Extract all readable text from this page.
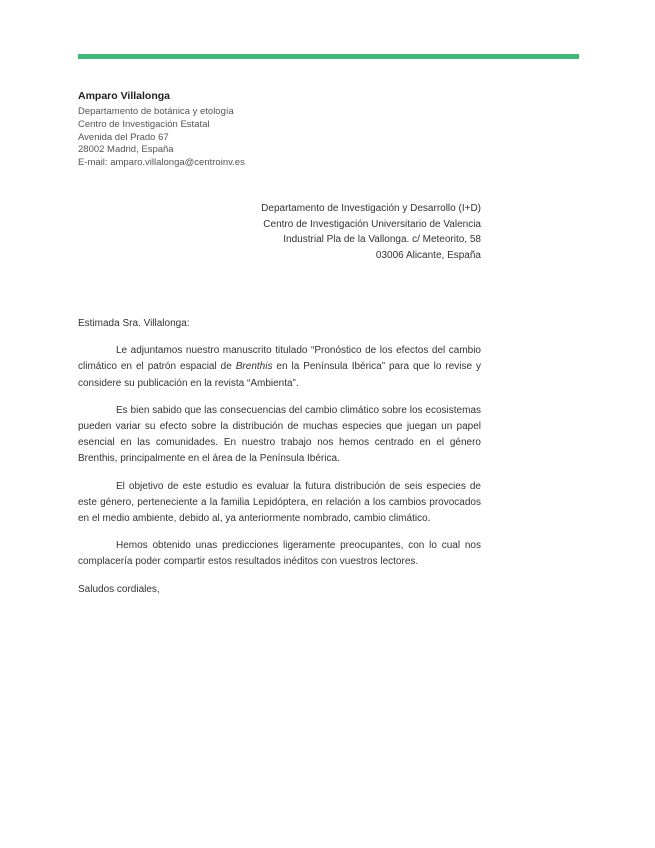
Amparo Villalonga
Departamento de botánica y etología
Centro de Investigación Estatal
Avenida del Prado 67
28002 Madrid, España
E-mail: amparo.villalonga@centroinv.es
Departamento de Investigación y Desarrollo (I+D)
Centro de Investigación Universitario de Valencia
Industrial Pla de la Vallonga. c/ Meteorito, 58
03006 Alicante, España

Estimada Sra. Villalonga:

Le adjuntamos nuestro manuscrito titulado “Pronóstico de los efectos del cambio climático en el patrón espacial de Brenthis en la Península Ibérica” para que lo revise y considere su publicación en la revista “Ambienta”.

Es bien sabido que las consecuencias del cambio climático sobre los ecosistemas pueden variar su efecto sobre la distribución de muchas especies que juegan un papel esencial en las comunidades. En nuestro trabajo nos hemos centrado en el género Brenthis, principalmente en el área de la Península Ibérica.

El objetivo de este estudio es evaluar la futura distribución de seis especies de este género, perteneciente a la familia Lepidóptera, en relación a los cambios provocados en el medio ambiente, debido al, ya anteriormente nombrado, cambio climático.

Hemos obtenido unas predicciones ligeramente preocupantes, con lo cual nos complacería poder compartir estos resultados inéditos con vuestros lectores.

Saludos cordiales,
